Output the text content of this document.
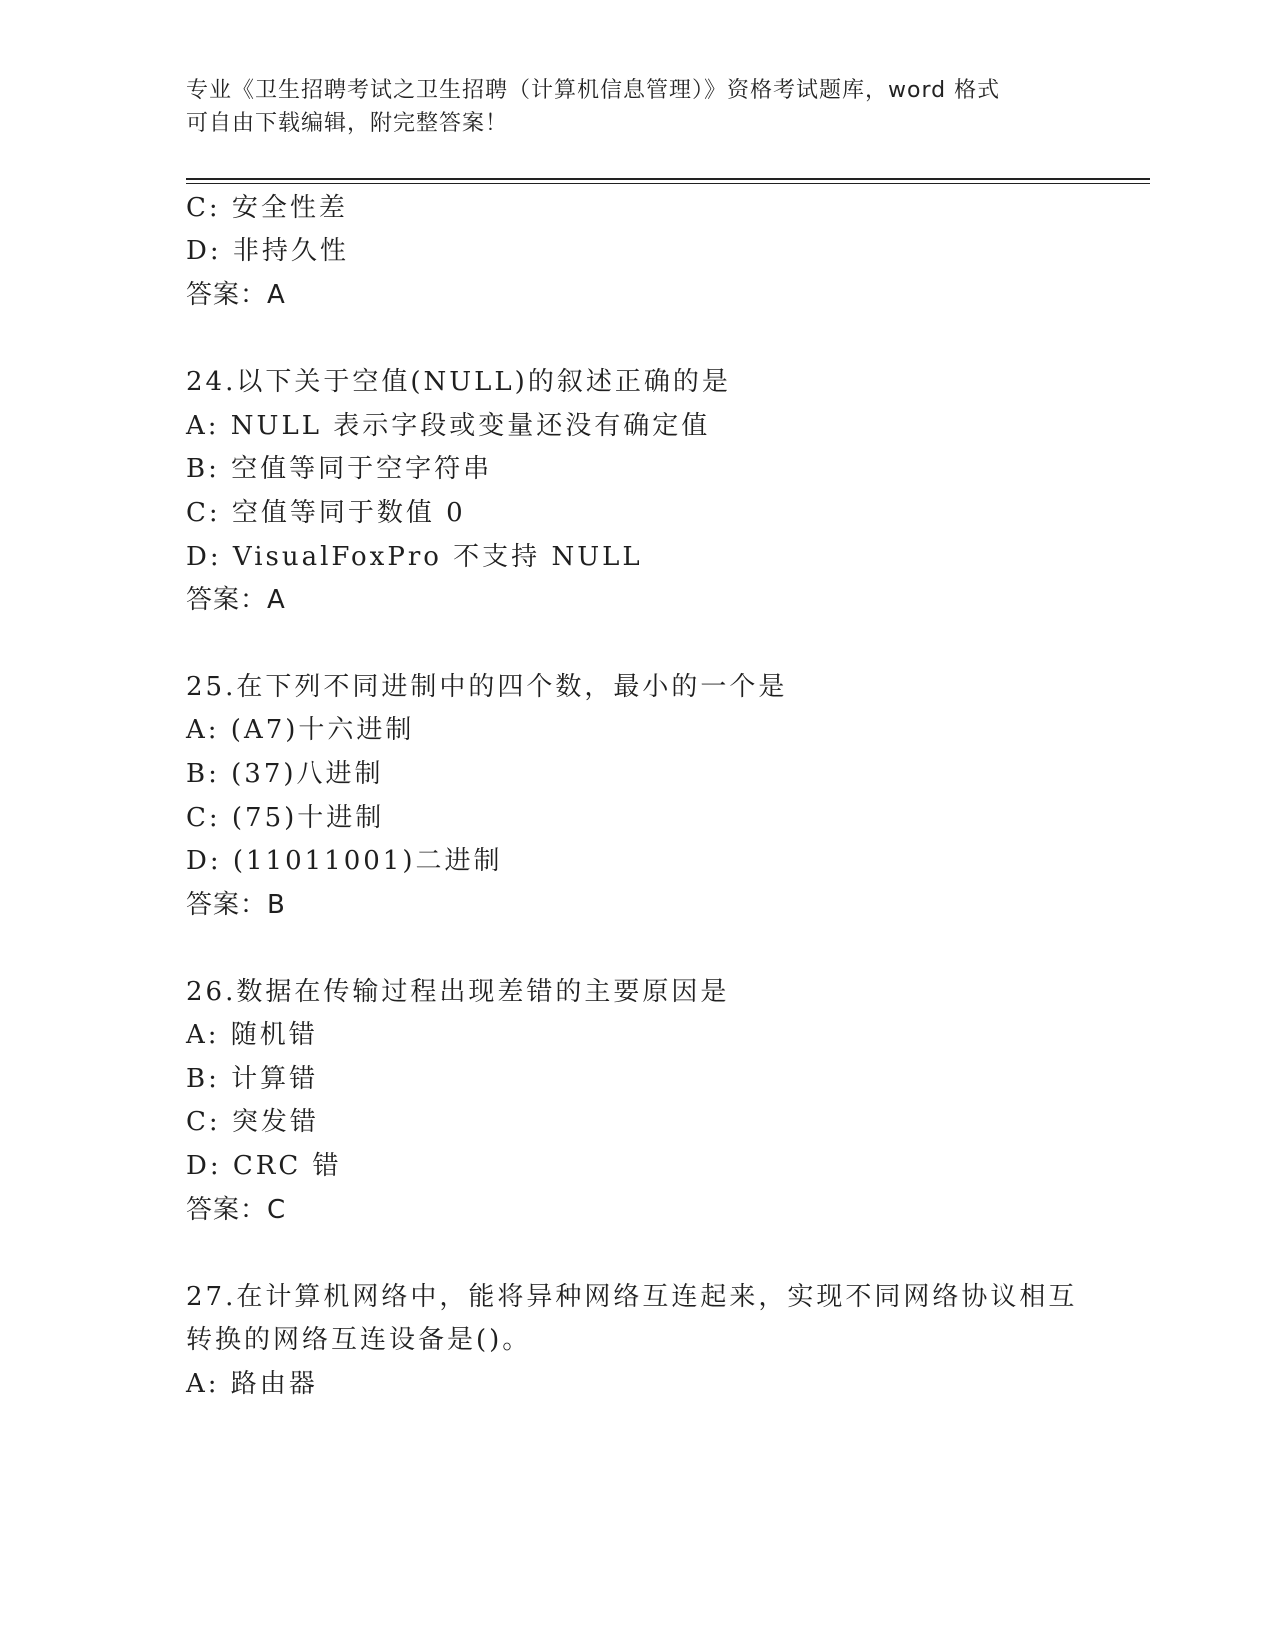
专业《卫生招聘考试之卫生招聘（计算机信息管理）》资格考试题库，word 格式
可自由下载编辑，附完整答案！
C: 安全性差
D: 非持久性
答案：A
24.以下关于空值(NULL)的叙述正确的是
A: NULL 表示字段或变量还没有确定值
B: 空值等同于空字符串
C: 空值等同于数值 0
D: VisualFoxPro 不支持 NULL
答案：A
25.在下列不同进制中的四个数，最小的一个是
A: (A7)十六进制
B: (37)八进制
C: (75)十进制
D: (11011001)二进制
答案：B
26.数据在传输过程出现差错的主要原因是
A: 随机错
B: 计算错
C: 突发错
D: CRC 错
答案：C
27.在计算机网络中，能将异种网络互连起来，实现不同网络协议相互
转换的网络互连设备是()。
A: 路由器
